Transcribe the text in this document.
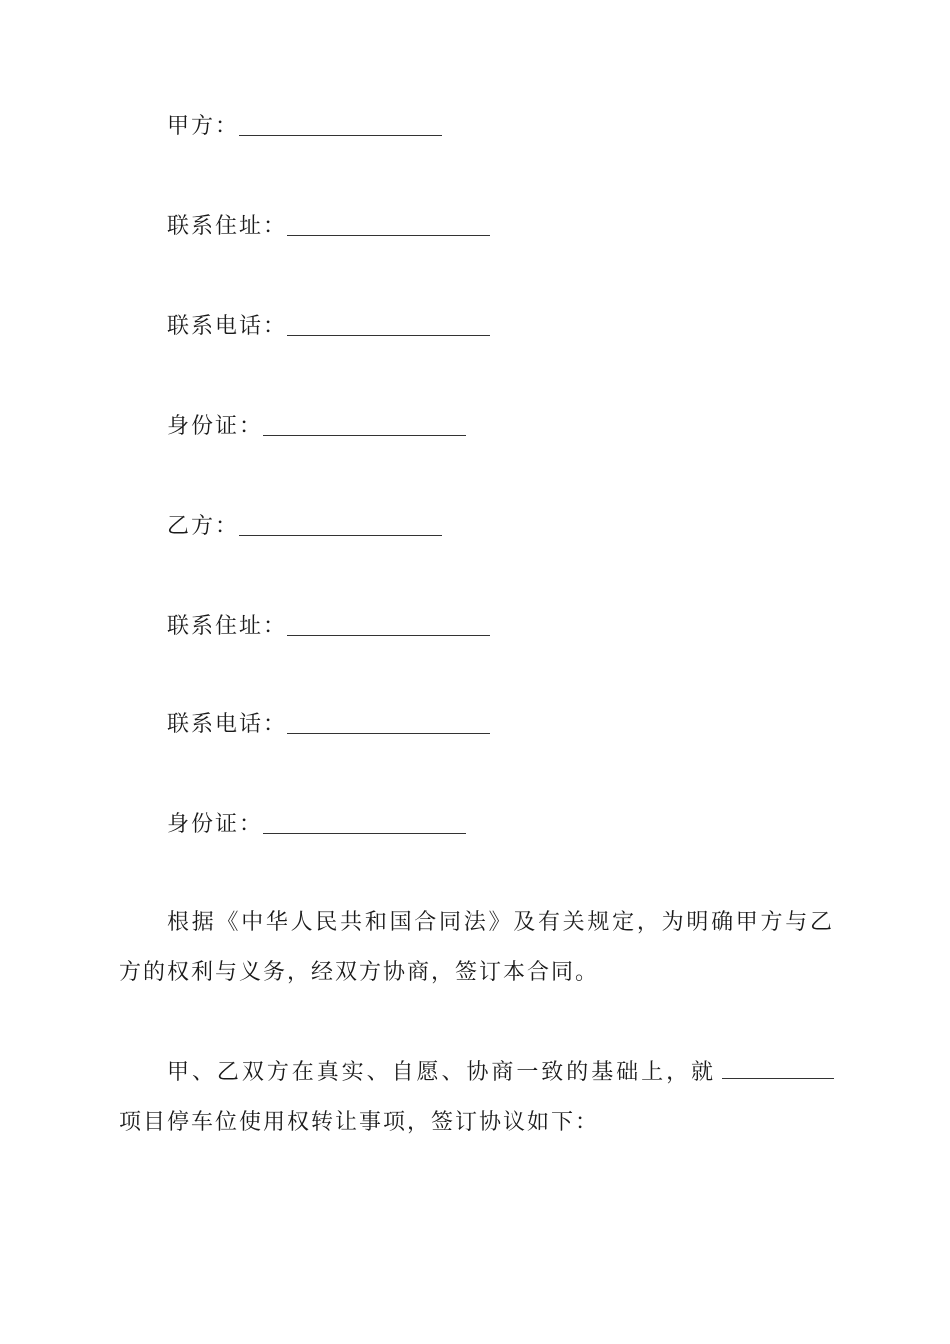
甲方：
联系住址：
联系电话：
身份证：
乙方：
联系住址：
联系电话：
身份证：
根据《中华人民共和国合同法》及有关规定，为明确甲方与乙方的权利与义务，经双方协商，签订本合同。
甲、乙双方在真实、自愿、协商一致的基础上，就项目停车位使用权转让事项，签订协议如下：
